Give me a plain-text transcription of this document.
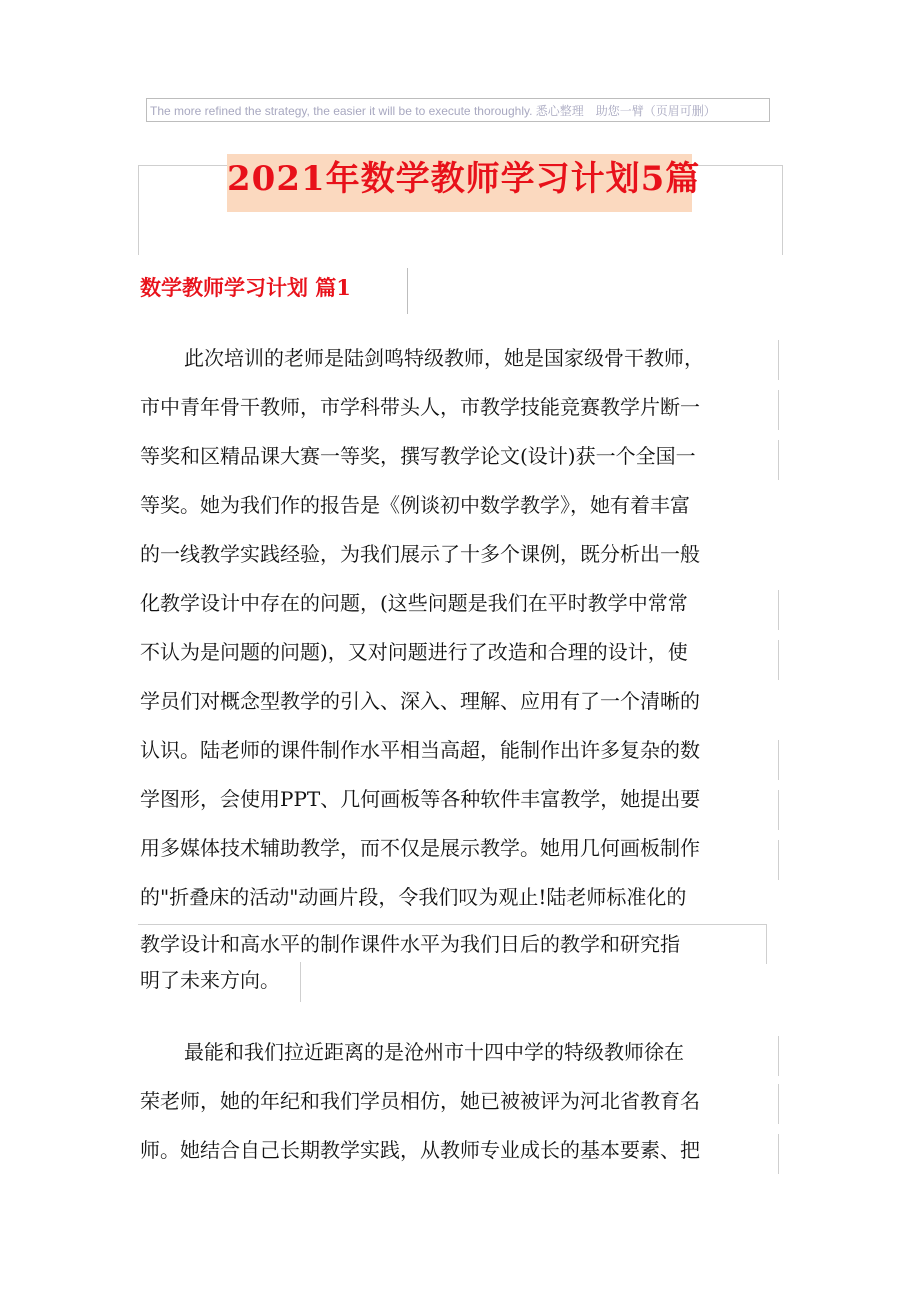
The more refined the strategy, the easier it will be to execute thoroughly. 悉心整理　助您一臂（页眉可删）
2021年数学教师学习计划5篇
数学教师学习计划 篇1
此次培训的老师是陆剑鸣特级教师，她是国家级骨干教师，
市中青年骨干教师，市学科带头人，市教学技能竞赛教学片断一
等奖和区精品课大赛一等奖，撰写教学论文(设计)获一个全国一
等奖。她为我们作的报告是《例谈初中数学教学》，她有着丰富
的一线教学实践经验，为我们展示了十多个课例，既分析出一般
化教学设计中存在的问题，(这些问题是我们在平时教学中常常
不认为是问题的问题)，又对问题进行了改造和合理的设计，使
学员们对概念型教学的引入、深入、理解、应用有了一个清晰的
认识。陆老师的课件制作水平相当高超，能制作出许多复杂的数
学图形，会使用PPT、几何画板等各种软件丰富教学，她提出要
用多媒体技术辅助教学，而不仅是展示教学。她用几何画板制作
的"折叠床的活动"动画片段，令我们叹为观止!陆老师标准化的
教学设计和高水平的制作课件水平为我们日后的教学和研究指
明了未来方向。
最能和我们拉近距离的是沧州市十四中学的特级教师徐在
荣老师，她的年纪和我们学员相仿，她已被被评为河北省教育名
师。她结合自己长期教学实践，从教师专业成长的基本要素、把
